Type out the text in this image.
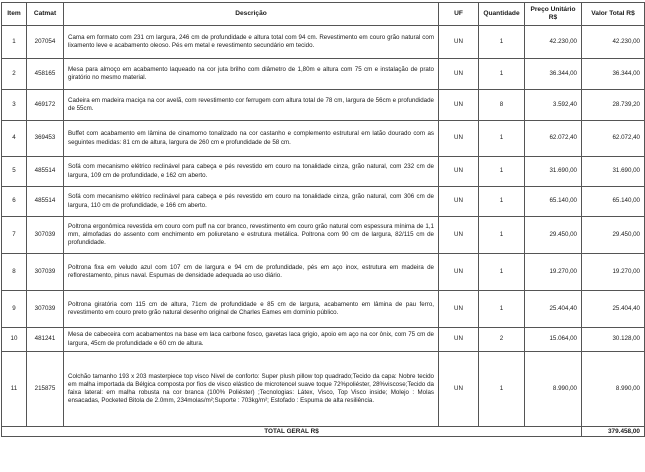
Item	Catmat	Descrição	UF	Quantidade	Preço Unitário R$	Valor Total R$
1	207054	Cama em formato com 231 cm largura, 246 cm de profundidade e altura total com 94 cm. Revestimento em couro grão natural com lixamento leve e acabamento oleoso. Pés em metal e revestimento secundário em tecido.	UN	1	42.230,00	42.230,00
2	458165	Mesa para almoço em acabamento laqueado na cor juta brilho com diâmetro de 1,80m e altura com 75 cm e instalação de prato giratório no mesmo material.	UN	1	36.344,00	36.344,00
3	469172	Cadeira em madeira maciça na cor avelã, com revestimento cor ferrugem com altura total de 78 cm, largura de 56cm e profundidade de 55cm.	UN	8	3.592,40	28.739,20
4	369453	Buffet com acabamento em lâmina de cinamomo tonalizado na cor castanho e complemento estrutural em latão dourado com as seguintes medidas: 81 cm de altura, largura de 260 cm e profundidade de 58 cm.	UN	1	62.072,40	62.072,40
5	485514	Sofá com mecanismo elétrico reclinável para cabeça e pés revestido em couro na tonalidade cinza, grão natural, com 232 cm de largura, 109 cm de profundidade, e 162 cm aberto.	UN	1	31.690,00	31.690,00
6	485514	Sofá com mecanismo elétrico reclinável para cabeça e pés revestido em couro na tonalidade cinza, grão natural, com 306 cm de largura, 110 cm de profundidade, e 166 cm aberto.	UN	1	65.140,00	65.140,00
7	307039	Poltrona ergonômica revestida em couro com puff na cor branco, revestimento em couro grão natural com espessura mínima de 1,1 mm, almofadas do assento com enchimento em poliuretano e estrutura metálica. Poltrona com 90 cm de largura, 82/115 cm de profundidade.	UN	1	29.450,00	29.450,00
8	307039	Poltrona fixa em veludo azul com 107 cm de largura e 94 cm de profundidade, pés em aço inox, estrutura em madeira de reflorestamento, pinus naval. Espumas de densidade adequada ao uso diário.	UN	1	19.270,00	19.270,00
9	307039	Poltrona giratória com 115 cm de altura, 71cm de profundidade e 85 cm de largura, acabamento em lâmina de pau ferro, revestimento em couro preto grão natural desenho original de Charles Eames em domínio público.	UN	1	25.404,40	25.404,40
10	481241	Mesa de cabeceira com acabamentos na base em laca carbone fosco, gavetas laca grigio, apoio em aço na cor ônix, com 75 cm de largura, 45cm de profundidade e 60 cm de altura.	UN	2	15.064,00	30.128,00
11	215875	Colchão tamanho 193 x 203 masterpiece top visco Nivel de conforto: Super plush pillow top quadrado;Tecido da capa: Nobre tecido em malha importada da Bélgica composta por fios de visco elástico de microtencel suave toque 72%poliéster, 28%viscose;Tecido da faixa lateral: em malha robusta na cor branca (100% Poliéster) ;Tecnologias: Látex, Visco, Top Visco inside; Molejo : Molas ensacadas, Pocketed Bitola de 2.0mm, 234molas/m²;Suporte : 703kg/m²; Estofado : Espuma de alta resiliência.	UN	1	8.990,00	8.990,00
TOTAL GERAL R$						379.458,00
